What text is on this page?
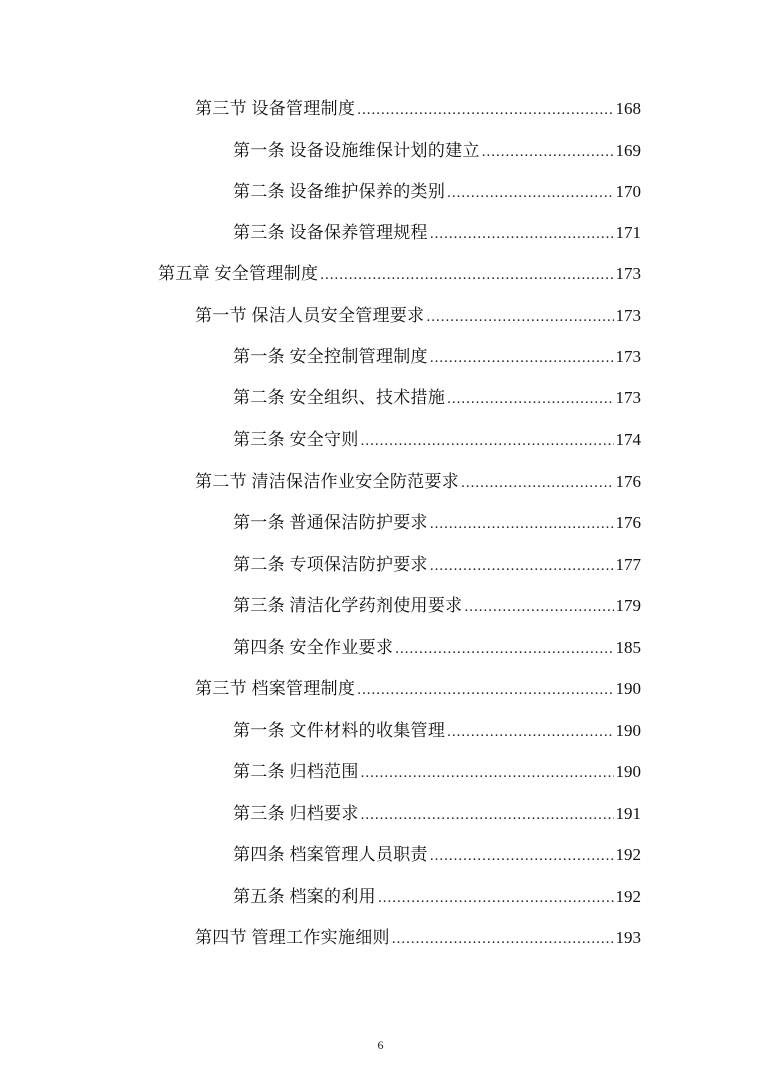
第三节 设备管理制度 .....	168
第一条 设备设施维保计划的建立 .....	169
第二条 设备维护保养的类别 .....	170
第三条 设备保养管理规程 .....	171
第五章 安全管理制度 .....	173
第一节 保洁人员安全管理要求 .....	173
第一条 安全控制管理制度 .....	173
第二条 安全组织、技术措施 .....	173
第三条 安全守则 .....	174
第二节 清洁保洁作业安全防范要求 .....	176
第一条 普通保洁防护要求 .....	176
第二条 专项保洁防护要求 .....	177
第三条 清洁化学药剂使用要求 .....	179
第四条 安全作业要求 .....	185
第三节 档案管理制度 .....	190
第一条 文件材料的收集管理 .....	190
第二条 归档范围 .....	190
第三条 归档要求 .....	191
第四条 档案管理人员职责 .....	192
第五条 档案的利用 .....	192
第四节 管理工作实施细则 .....	193
6
